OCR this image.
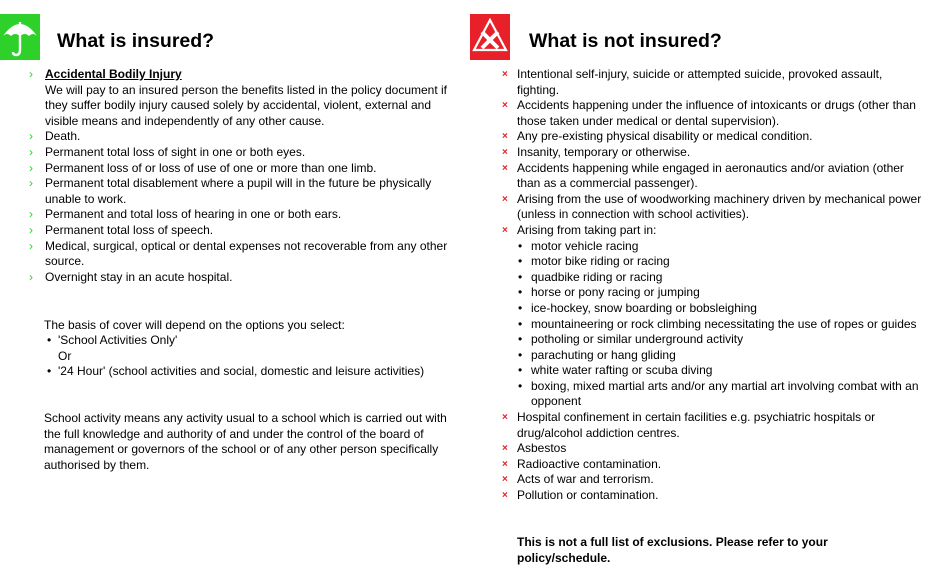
What is insured?
› Accidental Bodily Injury
We will pay to an insured person the benefits listed in the policy document if they suffer bodily injury caused solely by accidental, violent, external and visible means and independently of any other cause.
› Death.
› Permanent total loss of sight in one or both eyes.
› Permanent loss of or loss of use of one or more than one limb.
› Permanent total disablement where a pupil will in the future be physically unable to work.
› Permanent and total loss of hearing in one or both ears.
› Permanent total loss of speech.
› Medical, surgical, optical or dental expenses not recoverable from any other source.
› Overnight stay in an acute hospital.
The basis of cover will depend on the options you select:
• 'School Activities Only'
Or
• '24 Hour' (school activities and social, domestic and leisure activities)
School activity means any activity usual to a school which is carried out with the full knowledge and authority of and under the control of the board of management or governors of the school or of any other person specifically authorised by them.
What is not insured?
× Intentional self-injury, suicide or attempted suicide, provoked assault, fighting.
× Accidents happening under the influence of intoxicants or drugs (other than those taken under medical or dental supervision).
× Any pre-existing physical disability or medical condition.
× Insanity, temporary or otherwise.
× Accidents happening while engaged in aeronautics and/or aviation (other than as a commercial passenger).
× Arising from the use of woodworking machinery driven by mechanical power (unless in connection with school activities).
× Arising from taking part in:
• motor vehicle racing
• motor bike riding or racing
• quadbike riding or racing
• horse or pony racing or jumping
• ice-hockey, snow boarding or bobsleighing
• mountaineering or rock climbing necessitating the use of ropes or guides
• potholing or similar underground activity
• parachuting or hang gliding
• white water rafting or scuba diving
• boxing, mixed martial arts and/or any martial art involving combat with an opponent
× Hospital confinement in certain facilities e.g. psychiatric hospitals or drug/alcohol addiction centres.
× Asbestos
× Radioactive contamination.
× Acts of war and terrorism.
× Pollution or contamination.
This is not a full list of exclusions. Please refer to your policy/schedule.
